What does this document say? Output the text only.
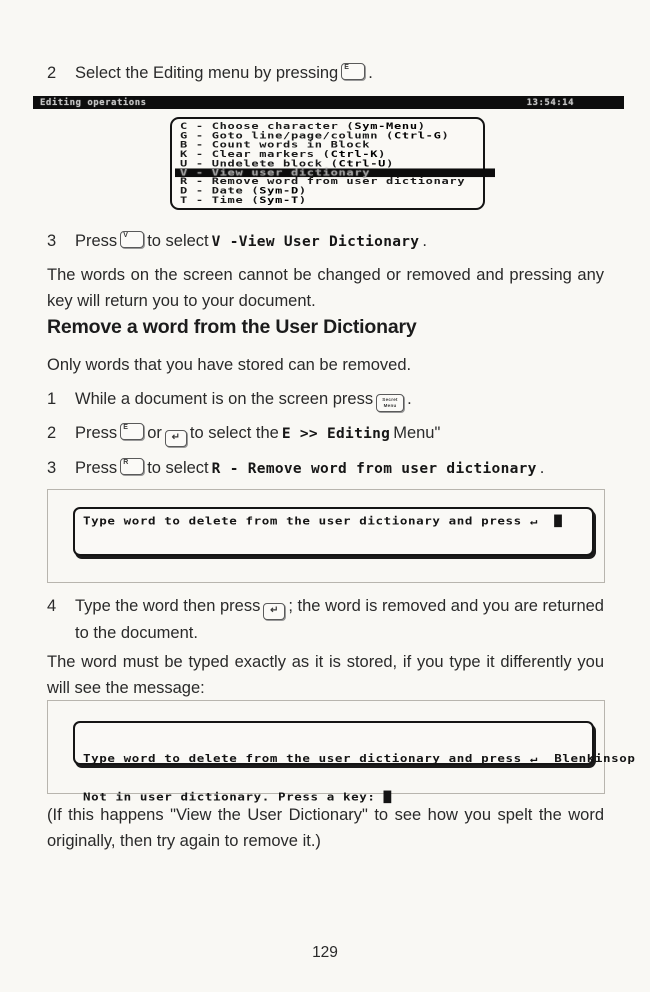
2	Select the Editing menu by pressing E .
Editing operations	13:54:14
C - Choose character (Sym-Menu)
G - Goto line/page/column (Ctrl-G)
B - Count words in Block
K - Clear markers (Ctrl-K)
U - Undelete block (Ctrl-U)
V - View user dictionary
R - Remove word from user dictionary
D - Date (Sym-D)
T - Time (Sym-T)
3	Press V to select V -View User Dictionary .
The words on the screen cannot be changed or removed and pressing any key will return you to your document.
Remove a word from the User Dictionary
Only words that you have stored can be removed.
1	While a document is on the screen press	Secret
Menu .
2	Press E or ↵ to select the E >> Editing Menu"
3	Press R to select R - Remove word from user dictionary .
Type word to delete from the user dictionary and press ↵  █
4	Type the word then press ↵ ; the word is removed and you are returned to the document.
The word must be typed exactly as it is stored, if you type it differently you will see the message:

Type word to delete from the user dictionary and press ↵  Blenkinsop

Not in user dictionary. Press a key: █

(If this happens "View the User Dictionary" to see how you spelt the word originally, then try again to remove it.)
129
